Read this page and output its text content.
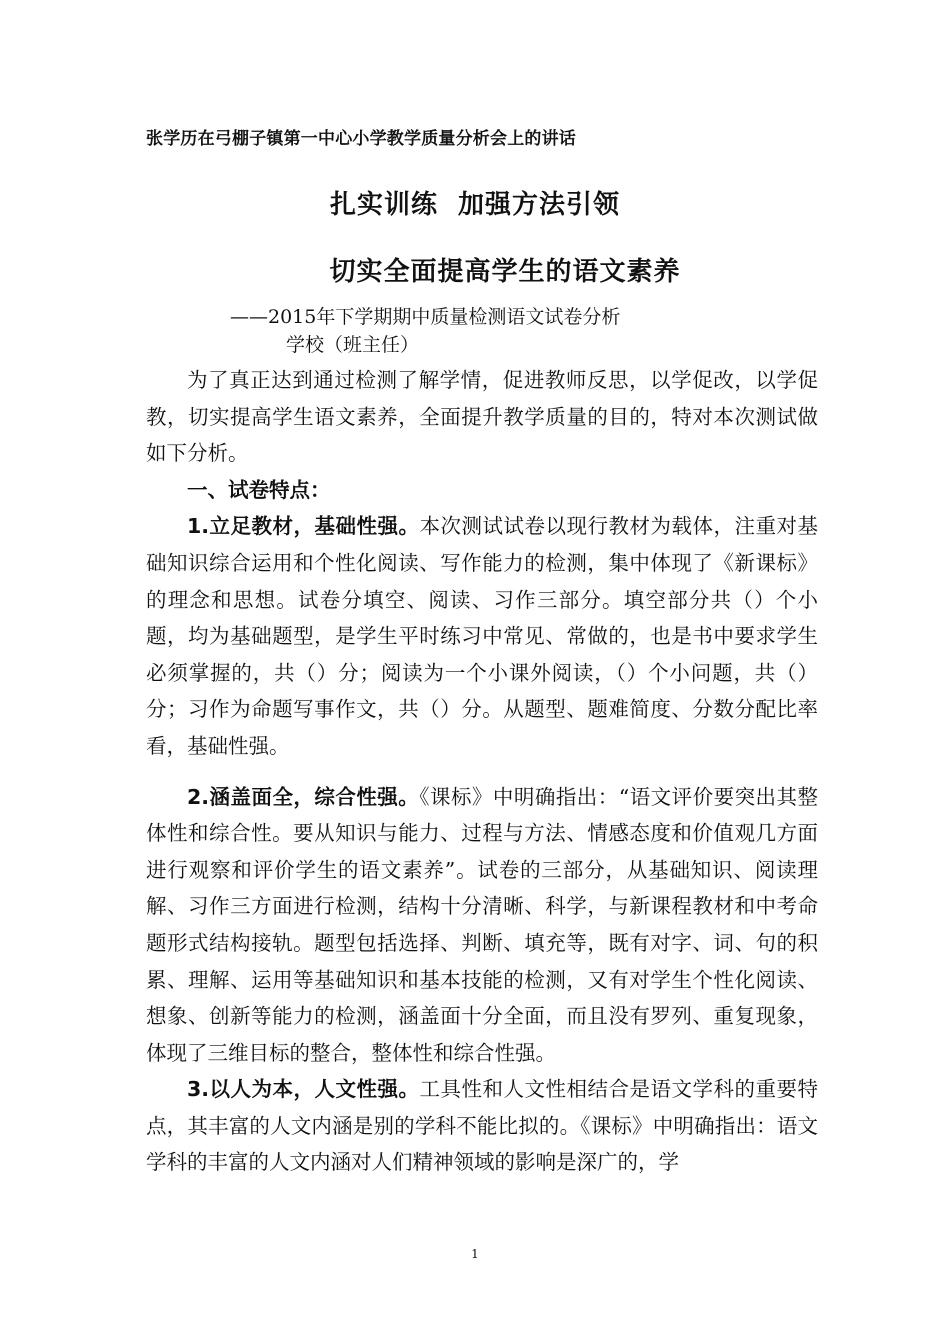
张学历在弓棚子镇第一中心小学教学质量分析会上的讲话
扎实训练  加强方法引领
切实全面提高学生的语文素养
——2015年下学期期中质量检测语文试卷分析
学校（班主任）

为了真正达到通过检测了解学情，促进教师反思，以学促改，以学促教，切实提高学生语文素养，全面提升教学质量的目的，特对本次测试做如下分析。

一、试卷特点：

1.立足教材，基础性强。本次测试试卷以现行教材为载体，注重对基础知识综合运用和个性化阅读、写作能力的检测，集中体现了《新课标》的理念和思想。试卷分填空、阅读、习作三部分。填空部分共（）个小题，均为基础题型，是学生平时练习中常见、常做的，也是书中要求学生必须掌握的，共（）分；阅读为一个小课外阅读，（）个小问题，共（）分；习作为命题写事作文，共（）分。从题型、题难简度、分数分配比率看，基础性强。

2.涵盖面全，综合性强。《课标》中明确指出：“语文评价要突出其整体性和综合性。要从知识与能力、过程与方法、情感态度和价值观几方面进行观察和评价学生的语文素养”。试卷的三部分，从基础知识、阅读理解、习作三方面进行检测，结构十分清晰、科学，与新课程教材和中考命题形式结构接轨。题型包括选择、判断、填充等，既有对字、词、句的积累、理解、运用等基础知识和基本技能的检测，又有对学生个性化阅读、想象、创新等能力的检测，涵盖面十分全面，而且没有罗列、重复现象，体现了三维目标的整合，整体性和综合性强。

3.以人为本，人文性强。工具性和人文性相结合是语文学科的重要特点，其丰富的人文内涵是别的学科不能比拟的。《课标》中明确指出：语文学科的丰富的人文内涵对人们精神领域的影响是深广的，学

1
